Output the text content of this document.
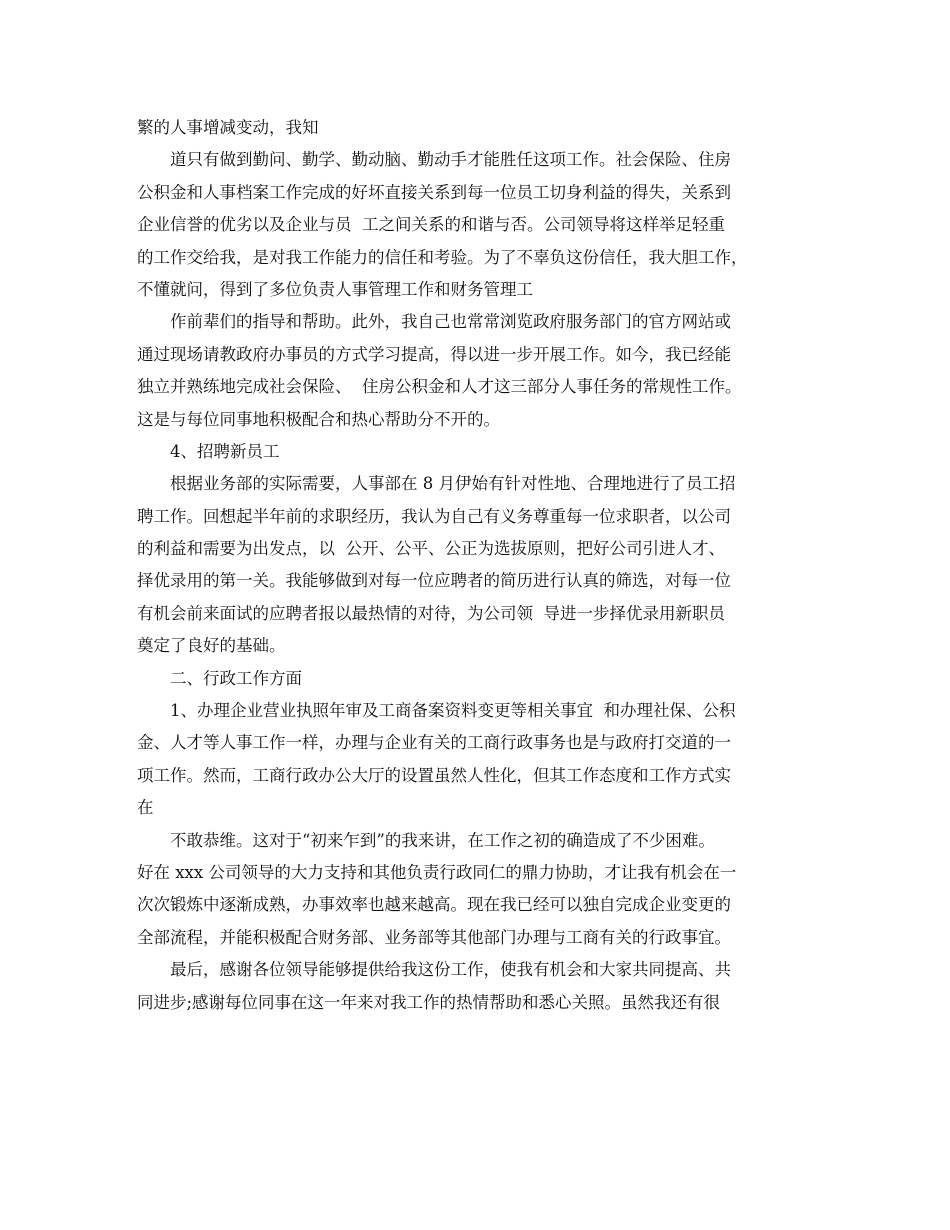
繁的人事增减变动，我知
道只有做到勤问、勤学、勤动脑、勤动手才能胜任这项工作。社会保险、住房
公积金和人事档案工作完成的好坏直接关系到每一位员工切身利益的得失，关系到
企业信誉的优劣以及企业与员  工之间关系的和谐与否。公司领导将这样举足轻重
的工作交给我，是对我工作能力的信任和考验。为了不辜负这份信任，我大胆工作，
不懂就问，得到了多位负责人事管理工作和财务管理工
作前辈们的指导和帮助。此外，我自己也常常浏览政府服务部门的官方网站或
通过现场请教政府办事员的方式学习提高，得以进一步开展工作。如今，我已经能
独立并熟练地完成社会保险、  住房公积金和人才这三部分人事任务的常规性工作。
这是与每位同事地积极配合和热心帮助分不开的。
4、招聘新员工
根据业务部的实际需要，人事部在 8 月伊始有针对性地、合理地进行了员工招
聘工作。回想起半年前的求职经历，我认为自己有义务尊重每一位求职者，以公司
的利益和需要为出发点，以  公开、公平、公正为选拔原则，把好公司引进人才、
择优录用的第一关。我能够做到对每一位应聘者的简历进行认真的筛选，对每一位
有机会前来面试的应聘者报以最热情的对待，为公司领  导进一步择优录用新职员
奠定了良好的基础。
二、行政工作方面
1、办理企业营业执照年审及工商备案资料变更等相关事宜  和办理社保、公积
金、人才等人事工作一样，办理与企业有关的工商行政事务也是与政府打交道的一
项工作。然而，工商行政办公大厅的设置虽然人性化，但其工作态度和工作方式实
在
不敢恭维。这对于“初来乍到”的我来讲，在工作之初的确造成了不少困难。
好在 xxx 公司领导的大力支持和其他负责行政同仁的鼎力协助，才让我有机会在一
次次锻炼中逐渐成熟，办事效率也越来越高。现在我已经可以独自完成企业变更的
全部流程，并能积极配合财务部、业务部等其他部门办理与工商有关的行政事宜。
最后，感谢各位领导能够提供给我这份工作，使我有机会和大家共同提高、共
同进步;感谢每位同事在这一年来对我工作的热情帮助和悉心关照。虽然我还有很
